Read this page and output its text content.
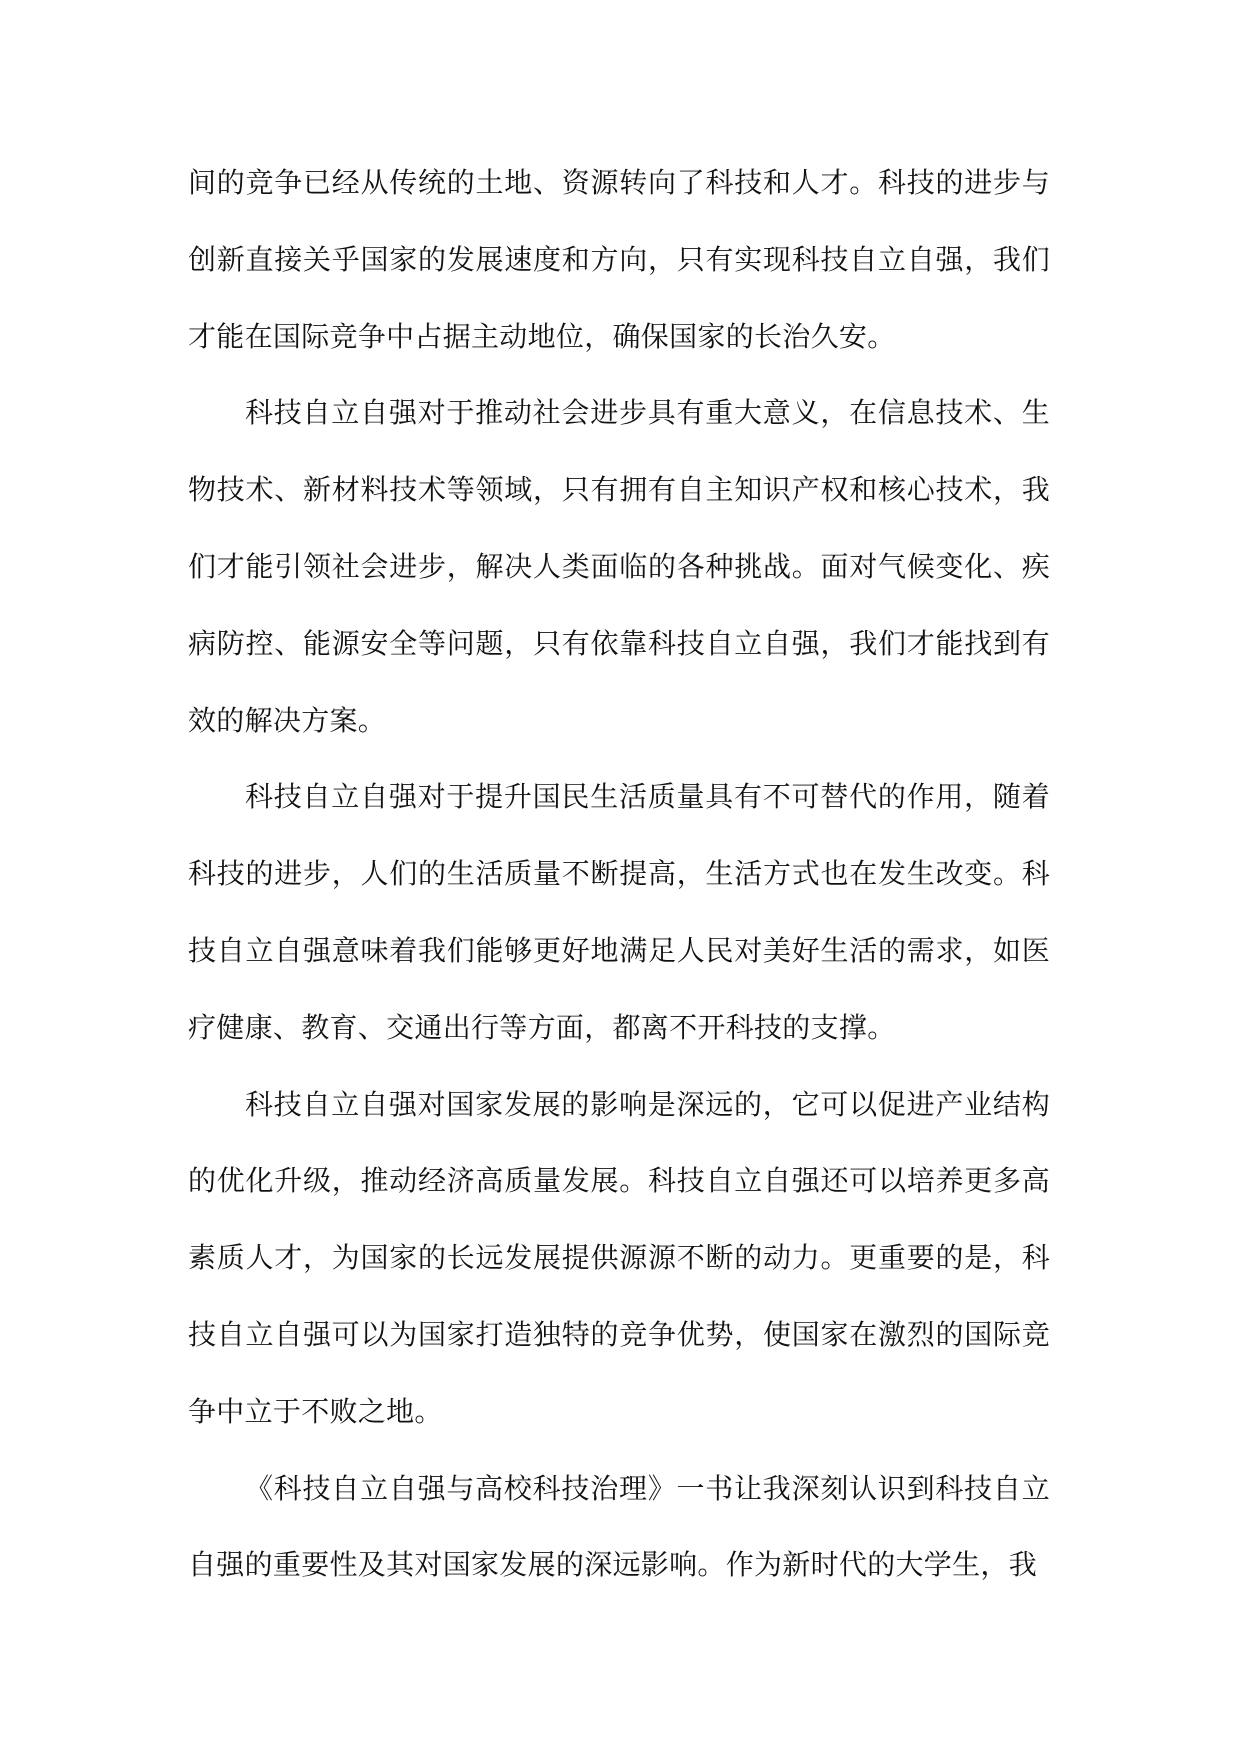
间的竞争已经从传统的土地、资源转向了科技和人才。科技的进步与创新直接关乎国家的发展速度和方向，只有实现科技自立自强，我们才能在国际竞争中占据主动地位，确保国家的长治久安。

科技自立自强对于推动社会进步具有重大意义，在信息技术、生物技术、新材料技术等领域，只有拥有自主知识产权和核心技术，我们才能引领社会进步，解决人类面临的各种挑战。面对气候变化、疾病防控、能源安全等问题，只有依靠科技自立自强，我们才能找到有效的解决方案。

科技自立自强对于提升国民生活质量具有不可替代的作用，随着科技的进步，人们的生活质量不断提高，生活方式也在发生改变。科技自立自强意味着我们能够更好地满足人民对美好生活的需求，如医疗健康、教育、交通出行等方面，都离不开科技的支撑。

科技自立自强对国家发展的影响是深远的，它可以促进产业结构的优化升级，推动经济高质量发展。科技自立自强还可以培养更多高素质人才，为国家的长远发展提供源源不断的动力。更重要的是，科技自立自强可以为国家打造独特的竞争优势，使国家在激烈的国际竞争中立于不败之地。

《科技自立自强与高校科技治理》一书让我深刻认识到科技自立自强的重要性及其对国家发展的深远影响。作为新时代的大学生，我
